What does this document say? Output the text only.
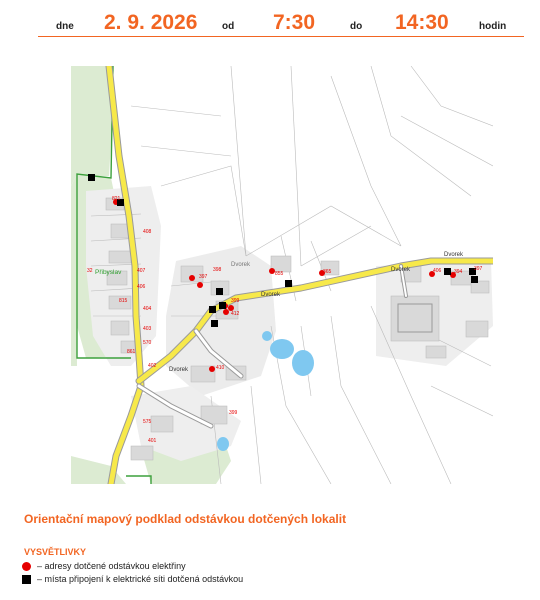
dne 2. 9. 2026 od 7:30	do 14:30	hodin
Přibyslav
Dvorek
Dvorek
Dvorek
Dvorek
Dvorek
821
408
407
406
815
404
403
570
861
402
32	398
397
399
412
855	365	406	394 397
410
399
575
401
Orientační mapový podklad odstávkou dotčených lokalit
VYSVĚTLIVKY
– adresy dotčené odstávkou elektřiny
– místa připojení k elektrické síti dotčená odstávkou
